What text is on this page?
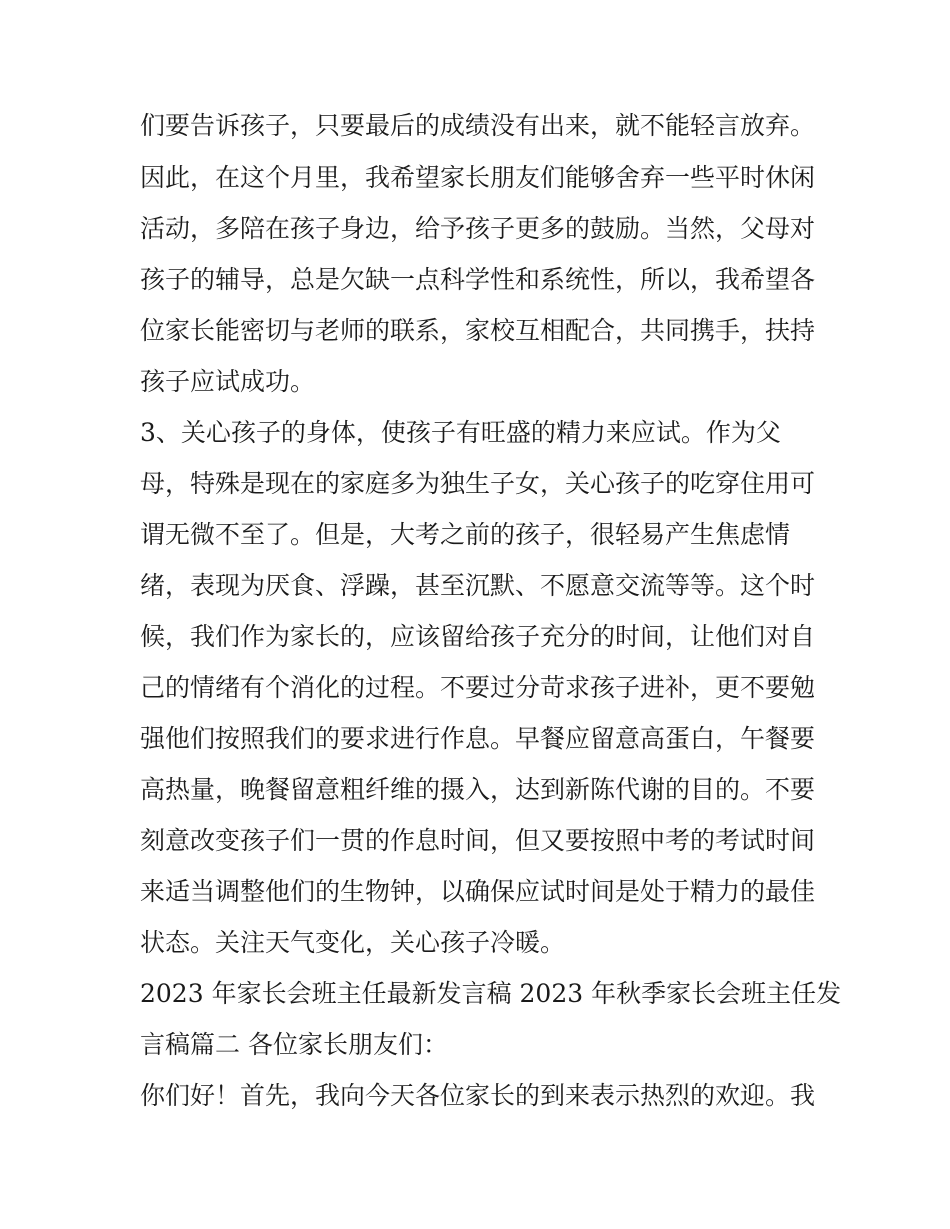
们要告诉孩子，只要最后的成绩没有出来，就不能轻言放弃。
因此，在这个月里，我希望家长朋友们能够舍弃一些平时休闲
活动，多陪在孩子身边，给予孩子更多的鼓励。当然，父母对
孩子的辅导，总是欠缺一点科学性和系统性，所以，我希望各
位家长能密切与老师的联系，家校互相配合，共同携手，扶持
孩子应试成功。
3、关心孩子的身体，使孩子有旺盛的精力来应试。作为父
母，特殊是现在的家庭多为独生子女，关心孩子的吃穿住用可
谓无微不至了。但是，大考之前的孩子，很轻易产生焦虑情
绪，表现为厌食、浮躁，甚至沉默、不愿意交流等等。这个时
候，我们作为家长的，应该留给孩子充分的时间，让他们对自
己的情绪有个消化的过程。不要过分苛求孩子进补，更不要勉
强他们按照我们的要求进行作息。早餐应留意高蛋白，午餐要
高热量，晚餐留意粗纤维的摄入，达到新陈代谢的目的。不要
刻意改变孩子们一贯的作息时间，但又要按照中考的考试时间
来适当调整他们的生物钟，以确保应试时间是处于精力的最佳
状态。关注天气变化，关心孩子冷暖。
2023 年家长会班主任最新发言稿 2023 年秋季家长会班主任发
言稿篇二 各位家长朋友们：
你们好！首先，我向今天各位家长的到来表示热烈的欢迎。我
